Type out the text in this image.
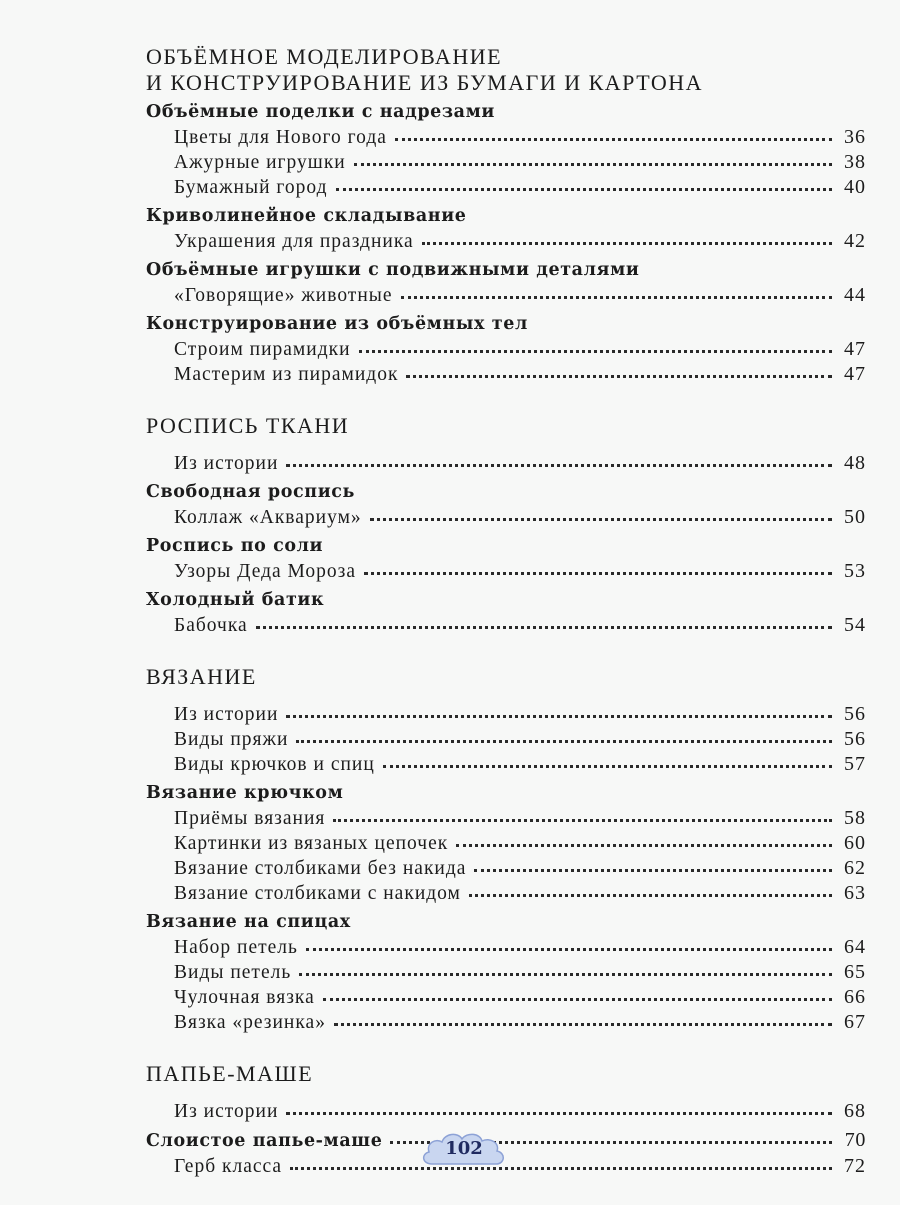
ОБЪЁМНОЕ МОДЕЛИРОВАНИЕ
И КОНСТРУИРОВАНИЕ ИЗ БУМАГИ И КАРТОНА
Объёмные поделки с надрезами
Цветы для Нового года	36
Ажурные игрушки	38
Бумажный город	40
Криволинейное складывание
Украшения для праздника	42
Объёмные игрушки с подвижными деталями
«Говорящие» животные	44
Конструирование из объёмных тел
Строим пирамидки	47
Мастерим из пирамидок	47
РОСПИСЬ ТКАНИ
Из истории	48
Свободная роспись
Коллаж «Аквариум»	50
Роспись по соли
Узоры Деда Мороза	53
Холодный батик
Бабочка	54
ВЯЗАНИЕ
Из истории	56
Виды пряжи	56
Виды крючков и спиц	57
Вязание крючком
Приёмы вязания	58
Картинки из вязаных цепочек	60
Вязание столбиками без накида	62
Вязание столбиками с накидом	63
Вязание на спицах
Набор петель	64
Виды петель	65
Чулочная вязка	66
Вязка «резинка»	67
ПАПЬЕ-МАШЕ
Из истории	68
Слоистое папье-маше	70
Герб класса	72
102
